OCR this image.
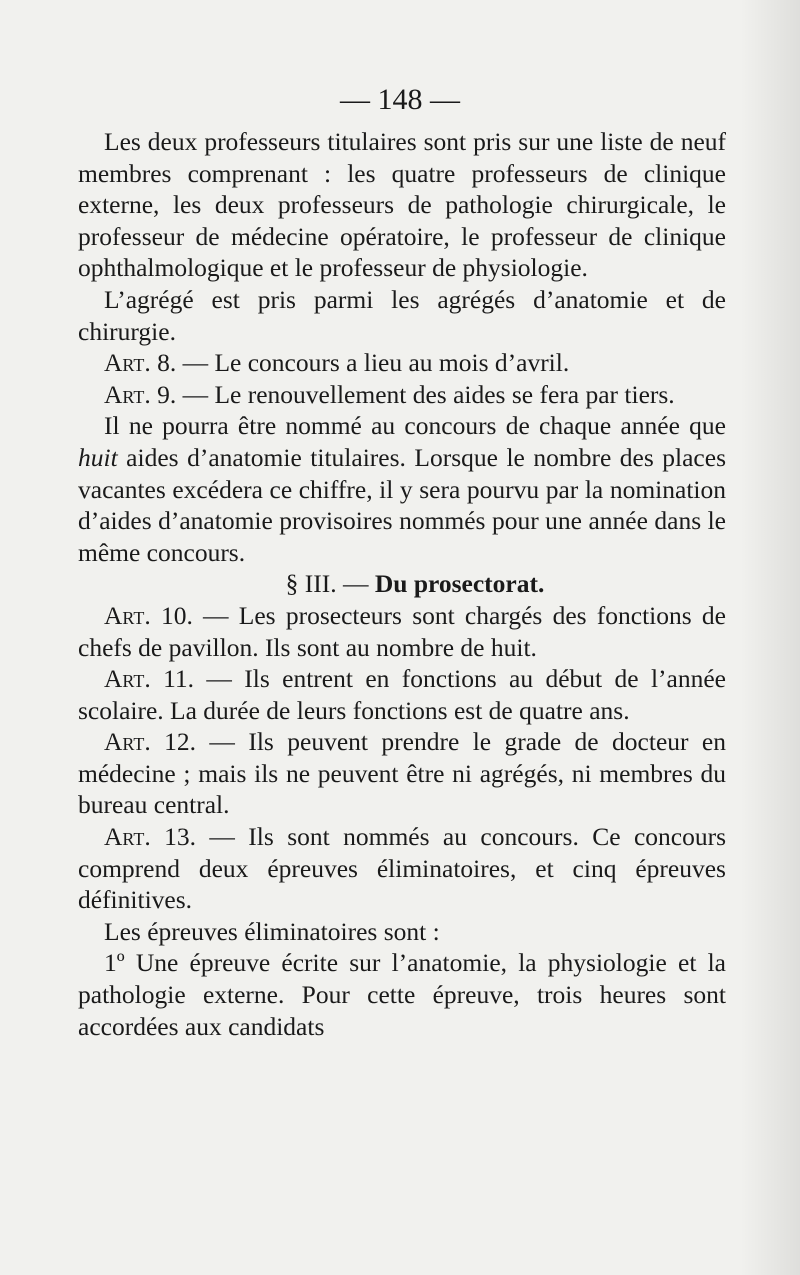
— 148 —

Les deux professeurs titulaires sont pris sur une liste de neuf membres comprenant : les quatre professeurs de clinique externe, les deux professeurs de pathologie chirurgicale, le professeur de médecine opératoire, le professeur de clinique ophthalmologique et le professeur de physiologie.

L’agrégé est pris parmi les agrégés d’anatomie et de chirurgie.

Art. 8. — Le concours a lieu au mois d’avril.

Art. 9. — Le renouvellement des aides se fera par tiers.

Il ne pourra être nommé au concours de chaque année que huit aides d’anatomie titulaires. Lorsque le nombre des places vacantes excédera ce chiffre, il y sera pourvu par la nomination d’aides d’anatomie provisoires nommés pour une année dans le même concours.

§ III. — Du prosectorat.

Art. 10. — Les prosecteurs sont chargés des fonctions de chefs de pavillon. Ils sont au nombre de huit.

Art. 11. — Ils entrent en fonctions au début de l’année scolaire. La durée de leurs fonctions est de quatre ans.

Art. 12. — Ils peuvent prendre le grade de docteur en médecine ; mais ils ne peuvent être ni agrégés, ni membres du bureau central.

Art. 13. — Ils sont nommés au concours. Ce concours comprend deux épreuves éliminatoires, et cinq épreuves définitives.

Les épreuves éliminatoires sont :

1º Une épreuve écrite sur l’anatomie, la physiologie et la pathologie externe. Pour cette épreuve, trois heures sont accordées aux candidats
